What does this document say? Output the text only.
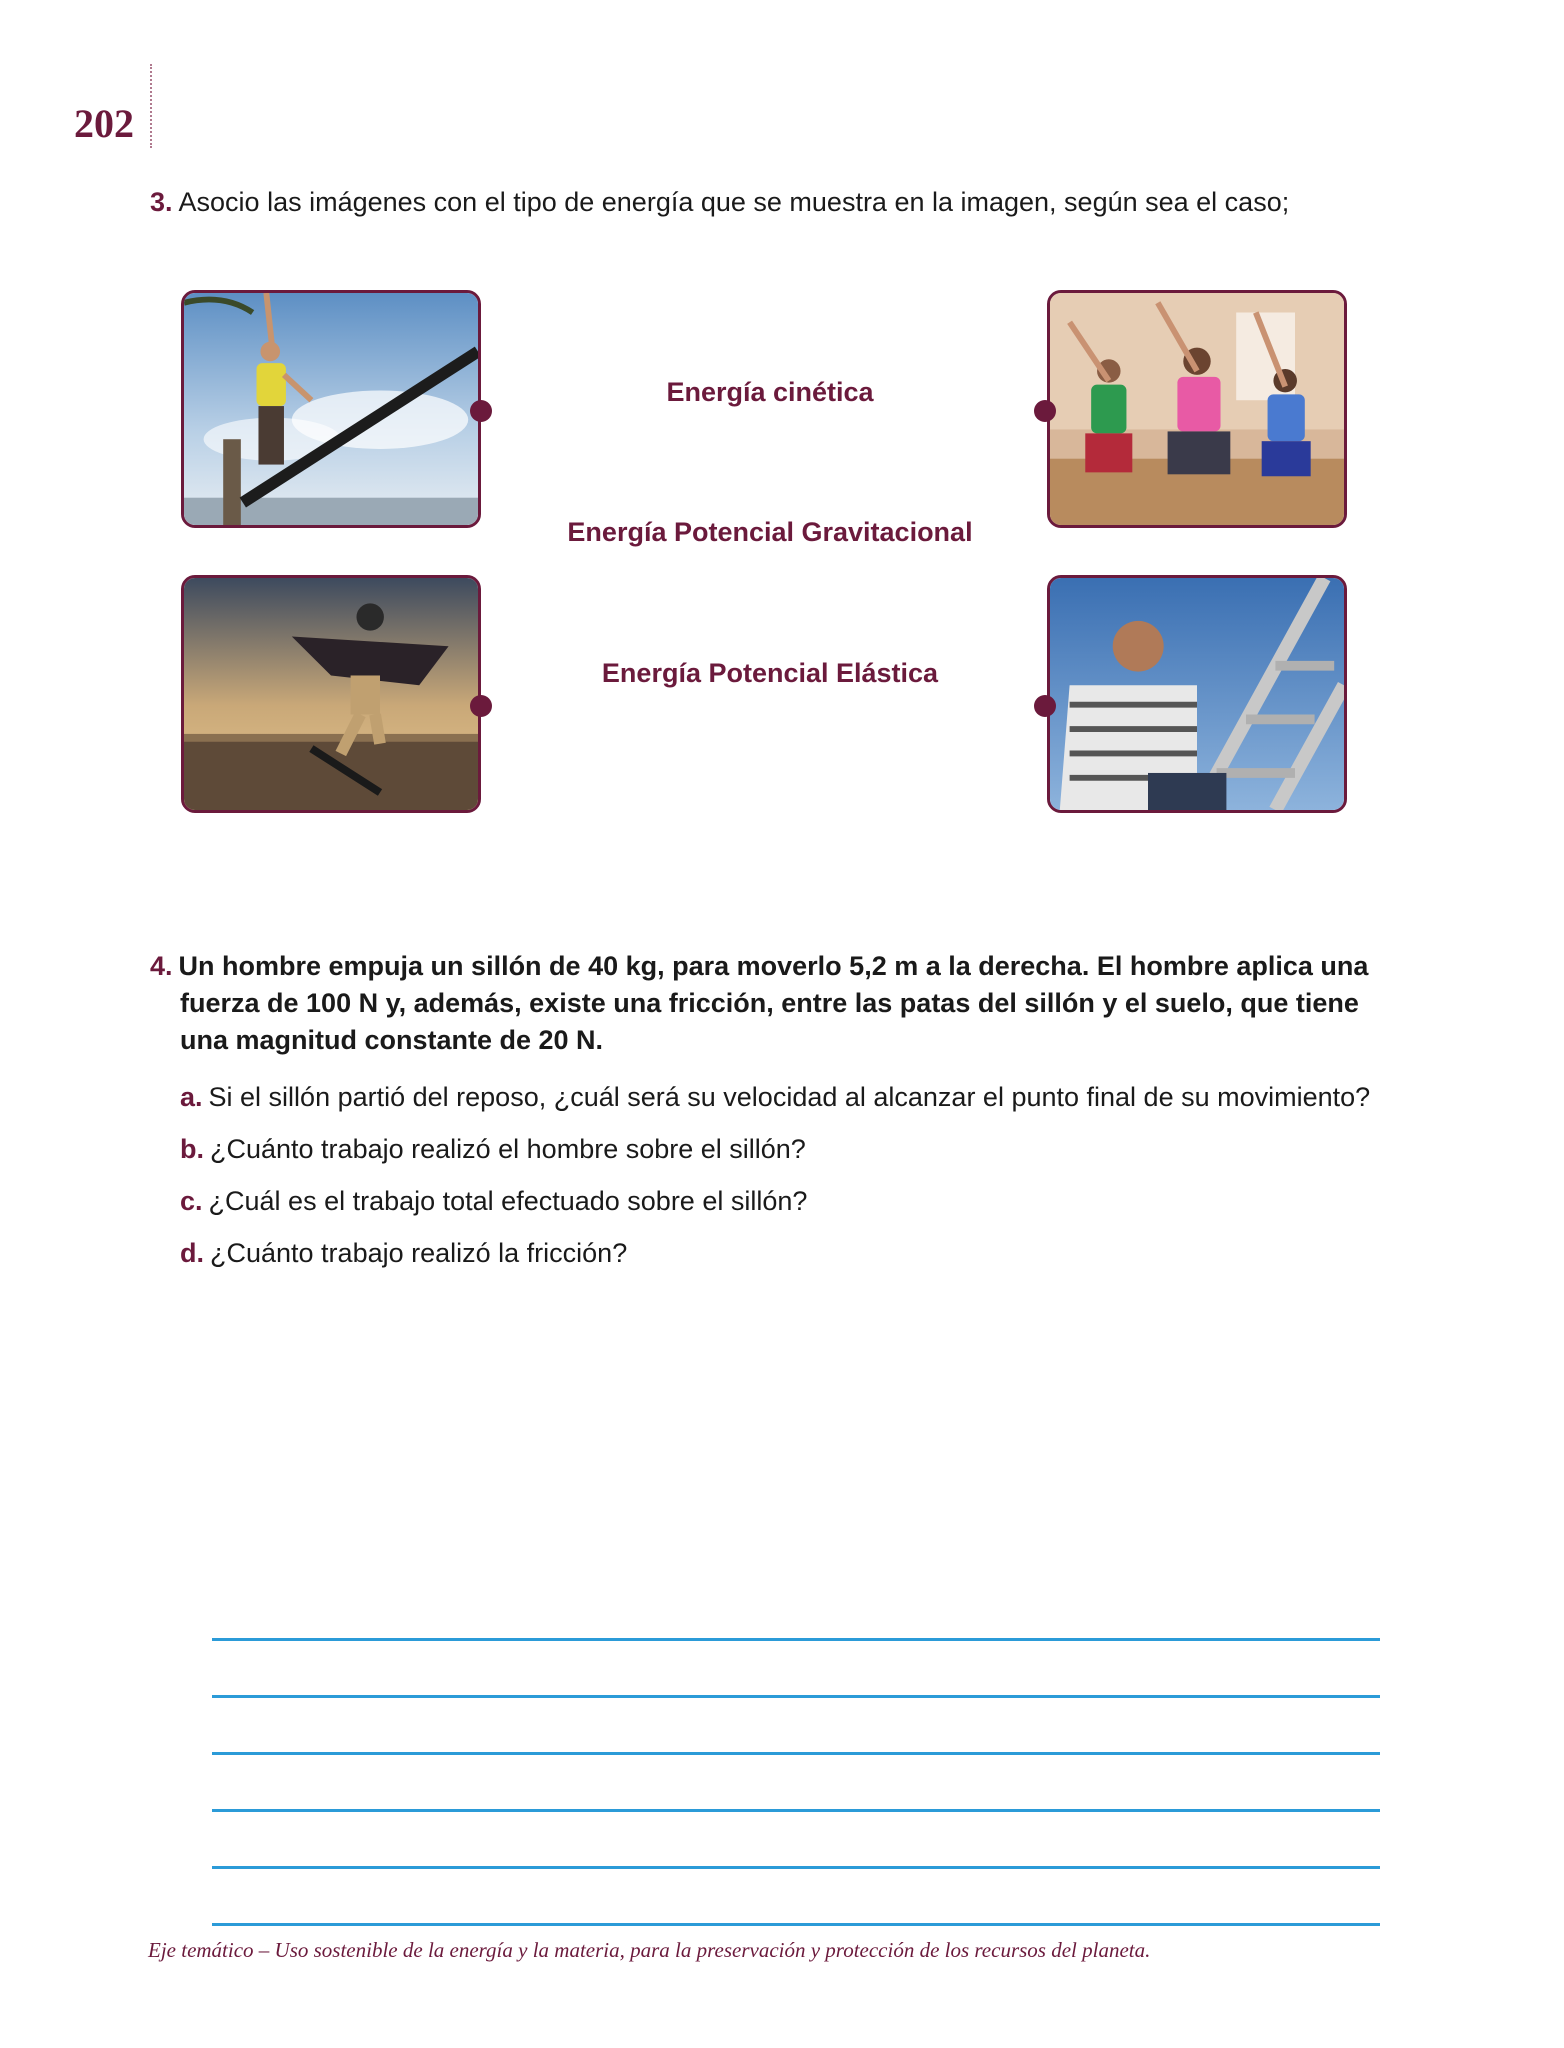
202
3. Asocio las imágenes con el tipo de energía que se muestra en la imagen, según sea el caso;
Energía cinética
Energía Potencial Gravitacional
Energía Potencial Elástica
4. Un hombre empuja un sillón de 40 kg, para moverlo 5,2 m a la derecha. El hombre aplica una fuerza de 100 N y, además, existe una fricción, entre las patas del sillón y el suelo, que tiene una magnitud constante de 20 N.
a. Si el sillón partió del reposo, ¿cuál será su velocidad al alcanzar el punto final de su movimiento?
b. ¿Cuánto trabajo realizó el hombre sobre el sillón?
c. ¿Cuál es el trabajo total efectuado sobre el sillón?
d. ¿Cuánto trabajo realizó la fricción?
Eje temático – Uso sostenible de la energía y la materia, para la preservación y protección de los recursos del planeta.
